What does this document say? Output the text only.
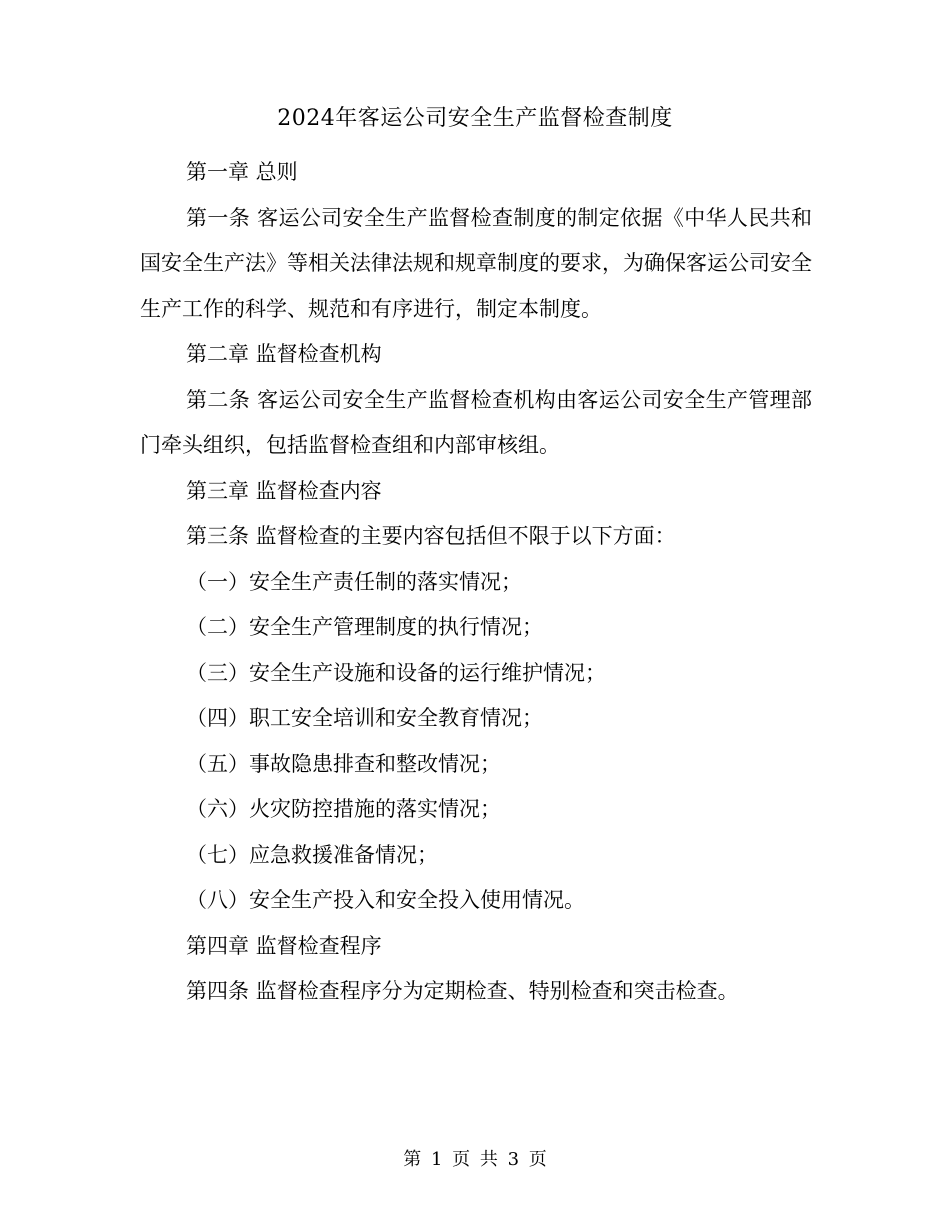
2024年客运公司安全生产监督检查制度

第一章 总则

第一条 客运公司安全生产监督检查制度的制定依据《中华人民共和国安全生产法》等相关法律法规和规章制度的要求，为确保客运公司安全生产工作的科学、规范和有序进行，制定本制度。

第二章 监督检查机构

第二条 客运公司安全生产监督检查机构由客运公司安全生产管理部门牵头组织，包括监督检查组和内部审核组。

第三章 监督检查内容

第三条 监督检查的主要内容包括但不限于以下方面：

（一）安全生产责任制的落实情况；

（二）安全生产管理制度的执行情况；

（三）安全生产设施和设备的运行维护情况；

（四）职工安全培训和安全教育情况；

（五）事故隐患排查和整改情况；

（六）火灾防控措施的落实情况；

（七）应急救援准备情况；

（八）安全生产投入和安全投入使用情况。

第四章 监督检查程序

第四条 监督检查程序分为定期检查、特别检查和突击检查。

第 1 页 共 3 页
